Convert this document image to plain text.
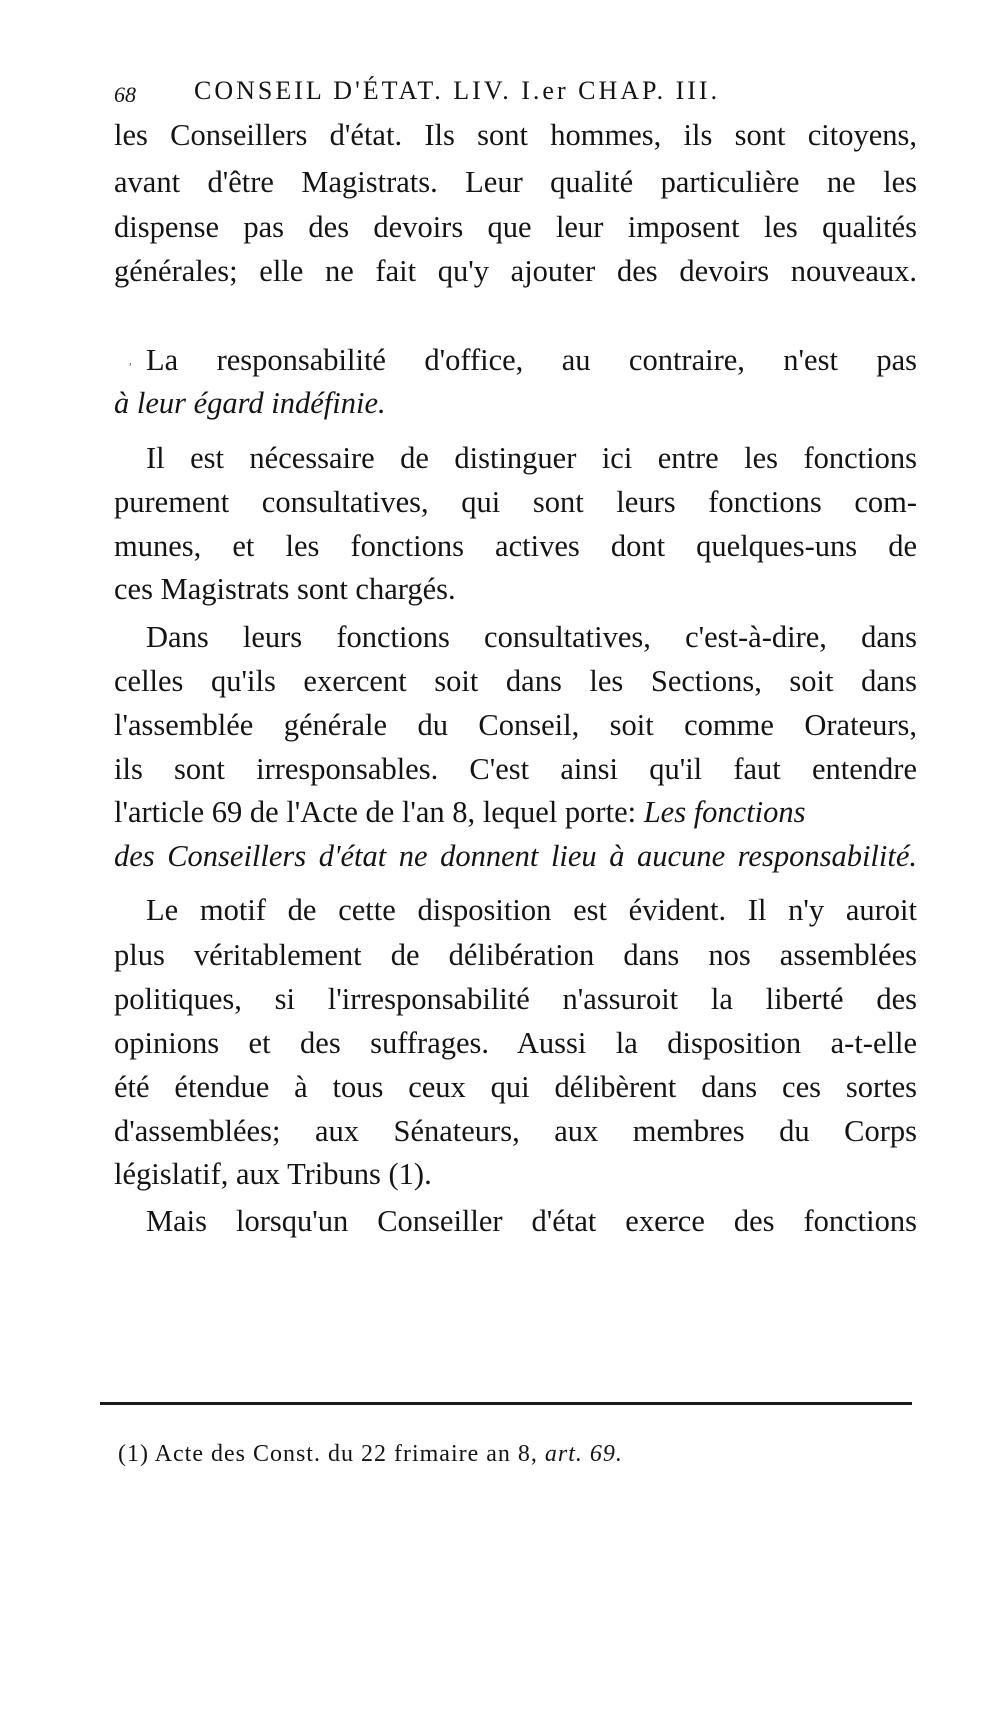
68 CONSEIL D'ÉTAT. LIV. I.er CHAP. III.
les Conseillers d'état. Ils sont hommes, ils sont citoyens,
avant d'être Magistrats. Leur qualité particulière ne les
dispense pas des devoirs que leur imposent les qualités
générales; elle ne fait qu'y ajouter des devoirs nouveaux.
ʾ La responsabilité d'office, au contraire, n'est pas
à leur égard indéfinie.
Il est nécessaire de distinguer ici entre les fonctions
purement consultatives, qui sont leurs fonctions com-
munes, et les fonctions actives dont quelques-uns de
ces Magistrats sont chargés.
Dans leurs fonctions consultatives, c'est-à-dire, dans
celles qu'ils exercent soit dans les Sections, soit dans
l'assemblée générale du Conseil, soit comme Orateurs,
ils sont irresponsables. C'est ainsi qu'il faut entendre
l'article 69 de l'Acte de l'an 8, lequel porte: Les fonctions
des Conseillers d'état ne donnent lieu à aucune responsabilité.
Le motif de cette disposition est évident. Il n'y auroit
plus véritablement de délibération dans nos assemblées
politiques, si l'irresponsabilité n'assuroit la liberté des
opinions et des suffrages. Aussi la disposition a-t-elle
été étendue à tous ceux qui délibèrent dans ces sortes
d'assemblées; aux Sénateurs, aux membres du Corps
législatif, aux Tribuns (1).
Mais lorsqu'un Conseiller d'état exerce des fonctions
(1) Acte des Const. du 22 frimaire an 8, art. 69.
